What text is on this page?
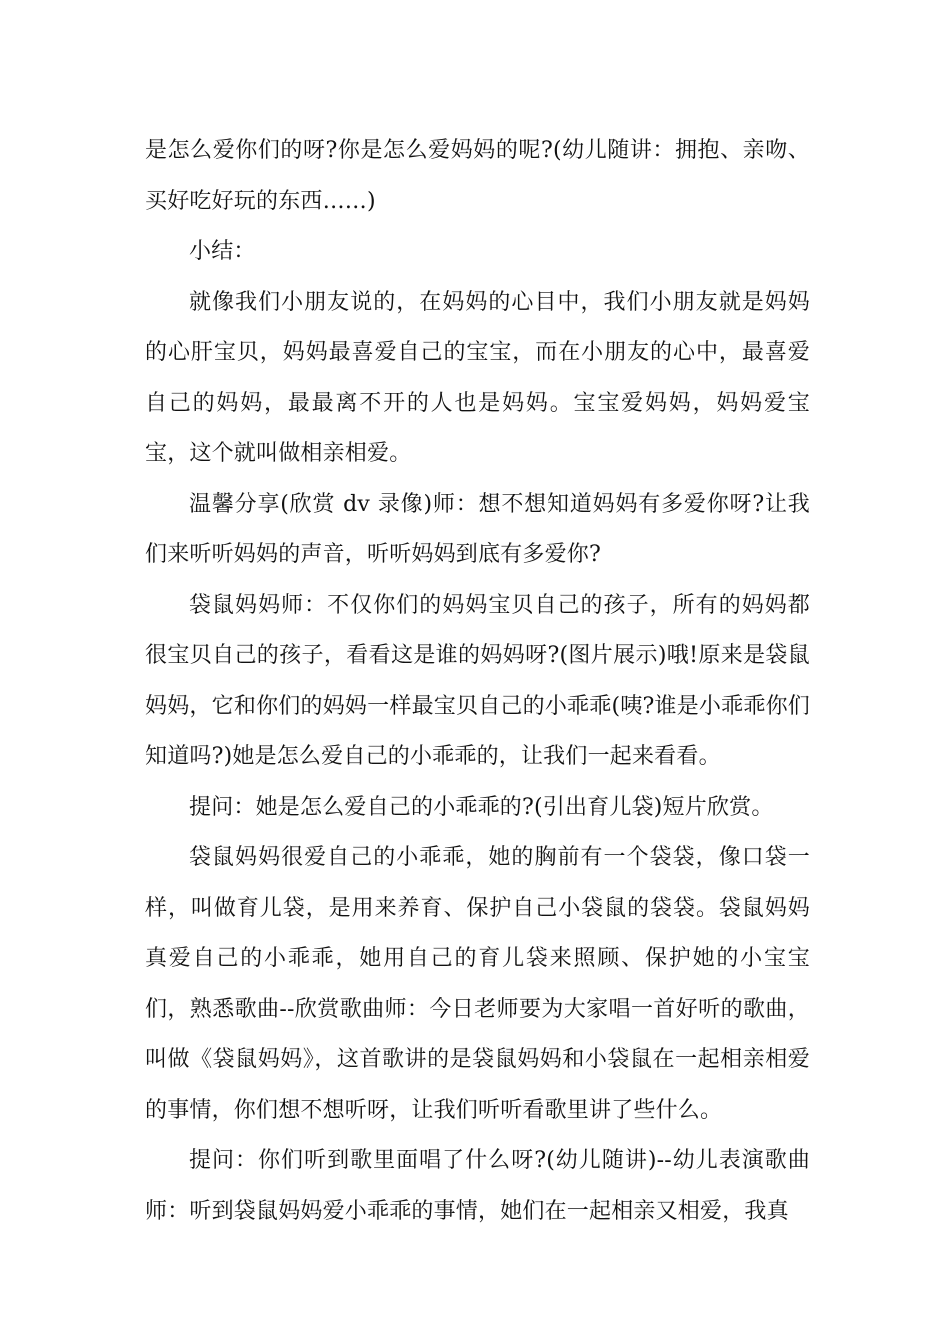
是怎么爱你们的呀?你是怎么爱妈妈的呢?(幼儿随讲：拥抱、亲吻、买好吃好玩的东西……)

小结：

就像我们小朋友说的，在妈妈的心目中，我们小朋友就是妈妈的心肝宝贝，妈妈最喜爱自己的宝宝，而在小朋友的心中，最喜爱自己的妈妈，最最离不开的人也是妈妈。宝宝爱妈妈，妈妈爱宝宝，这个就叫做相亲相爱。

温馨分享(欣赏 dv 录像)师：想不想知道妈妈有多爱你呀?让我们来听听妈妈的声音，听听妈妈到底有多爱你?

袋鼠妈妈师：不仅你们的妈妈宝贝自己的孩子，所有的妈妈都很宝贝自己的孩子，看看这是谁的妈妈呀?(图片展示)哦!原来是袋鼠妈妈，它和你们的妈妈一样最宝贝自己的小乖乖(咦?谁是小乖乖你们知道吗?)她是怎么爱自己的小乖乖的，让我们一起来看看。

提问：她是怎么爱自己的小乖乖的?(引出育儿袋)短片欣赏。

袋鼠妈妈很爱自己的小乖乖，她的胸前有一个袋袋，像口袋一样，叫做育儿袋，是用来养育、保护自己小袋鼠的袋袋。袋鼠妈妈真爱自己的小乖乖，她用自己的育儿袋来照顾、保护她的小宝宝们，熟悉歌曲--欣赏歌曲师：今日老师要为大家唱一首好听的歌曲，叫做《袋鼠妈妈》，这首歌讲的是袋鼠妈妈和小袋鼠在一起相亲相爱的事情，你们想不想听呀，让我们听听看歌里讲了些什么。

提问：你们听到歌里面唱了什么呀?(幼儿随讲)--幼儿表演歌曲师：听到袋鼠妈妈爱小乖乖的事情，她们在一起相亲又相爱，我真
